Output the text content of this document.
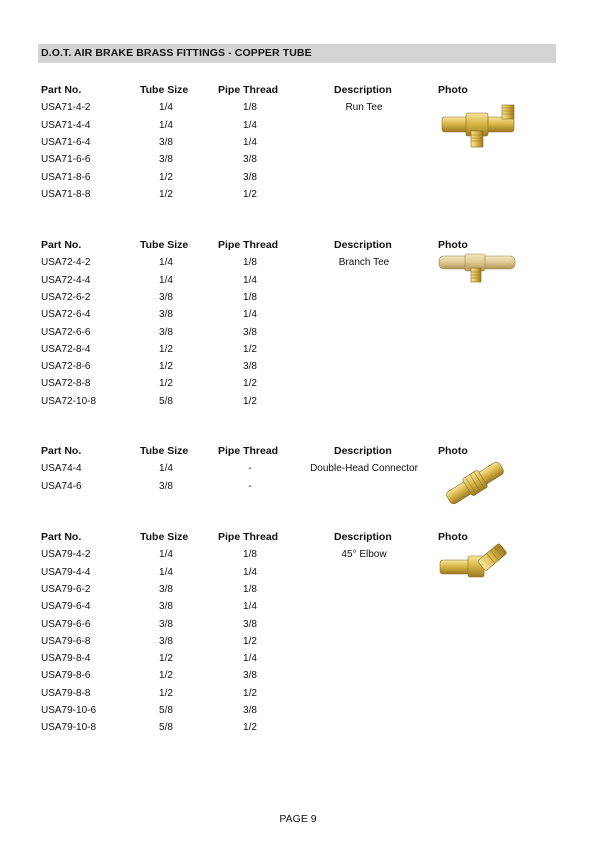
D.O.T. AIR BRAKE BRASS FITTINGS - COPPER TUBE
Part No.	Tube Size	Pipe Thread	Description	Photo
USA71-4-2	1/4	1/8	Run Tee
USA71-4-4	1/4	1/4
USA71-6-4	3/8	1/4
USA71-6-6	3/8	3/8
USA71-8-6	1/2	3/8
USA71-8-8	1/2	1/2
Part No.	Tube Size	Pipe Thread	Description	Photo
USA72-4-2	1/4	1/8	Branch Tee
USA72-4-4	1/4	1/4
USA72-6-2	3/8	1/8
USA72-6-4	3/8	1/4
USA72-6-6	3/8	3/8
USA72-8-4	1/2	1/2
USA72-8-6	1/2	3/8
USA72-8-8	1/2	1/2
USA72-10-8	5/8	1/2
Part No.	Tube Size	Pipe Thread	Description	Photo
USA74-4	1/4	-	Double-Head Connector
USA74-6	3/8	-
Part No.	Tube Size	Pipe Thread	Description	Photo
USA79-4-2	1/4	1/8	45° Elbow
USA79-4-4	1/4	1/4
USA79-6-2	3/8	1/8
USA79-6-4	3/8	1/4
USA79-6-6	3/8	3/8
USA79-6-8	3/8	1/2
USA79-8-4	1/2	1/4
USA79-8-6	1/2	3/8
USA79-8-8	1/2	1/2
USA79-10-6	5/8	3/8
USA79-10-8	5/8	1/2
PAGE 9
